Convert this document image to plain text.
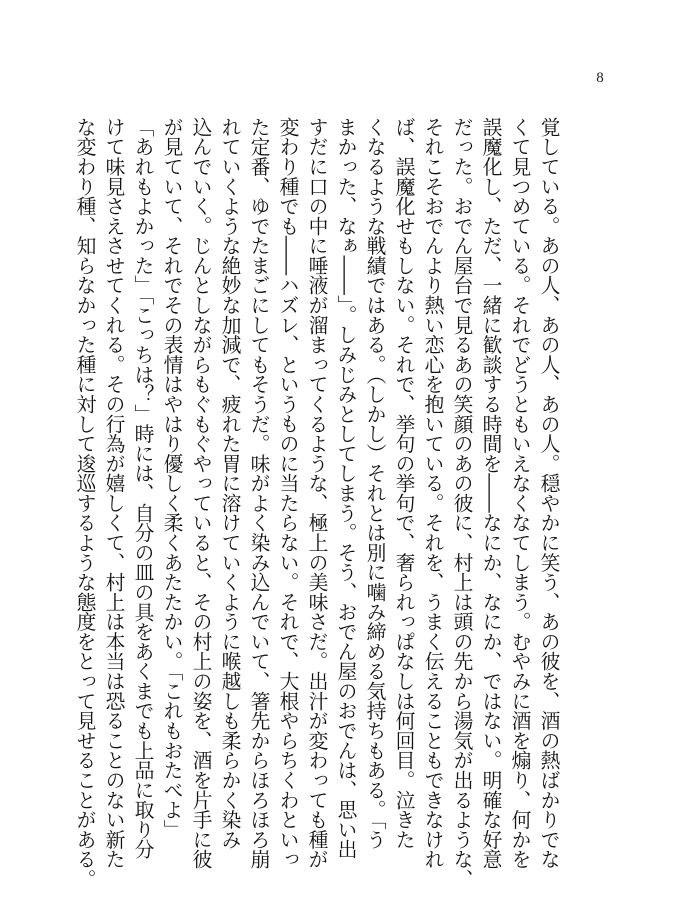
8
覚している。あの人、あの人、あの人。穏やかに笑う、あの彼を、酒の熱ばかりでな
くて見つめている。それでどうともいえなくなてしまう。むやみに酒を煽り、何かを
誤魔化し、ただ、一緒に歓談する時間を――なにか、なにか、ではない。明確な好意
だった。おでん屋台で見るあの笑顔のあの彼に、村上は頭の先から湯気が出るような、
それこそおでんより熱い恋心を抱いている。それを、うまく伝えることもできなけれ
ば、誤魔化せもしない。それで、挙句の挙句で、奢られっぱなしは何回目。泣きた
くなるような戦績ではある。（しかし）それとは別に噛み締める気持ちもある。「う
まかった、なぁ――」。しみじみとしてしまう。そう、おでん屋のおでんは、思い出
すだに口の中に唾液が溜まってくるような、極上の美味さだ。出汁が変わっても種が
変わり種でも――ハズレ、というものに当たらない。それで、大根やらちくわといっ
た定番、ゆでたまごにしてもそうだ。味がよく染み込んでいて、箸先からほろほろ崩
れていくような絶妙な加減で、疲れた胃に溶けていくように喉越しも柔らかく染み
込んでいく。じんとしながらもぐもぐやっていると、その村上の姿を、酒を片手に彼
が見ていて、それでその表情はやはり優しく柔くあたたかい。「これもおたべよ」
「あれもよかった」「こっちは？」時には、自分の皿の具をあくまでも上品に取り分
けて味見さえさせてくれる。その行為が嬉しくて、村上は本当は恐ることのない新た
な変わり種、知らなかった種に対して逡巡するような態度をとって見せることがある。
